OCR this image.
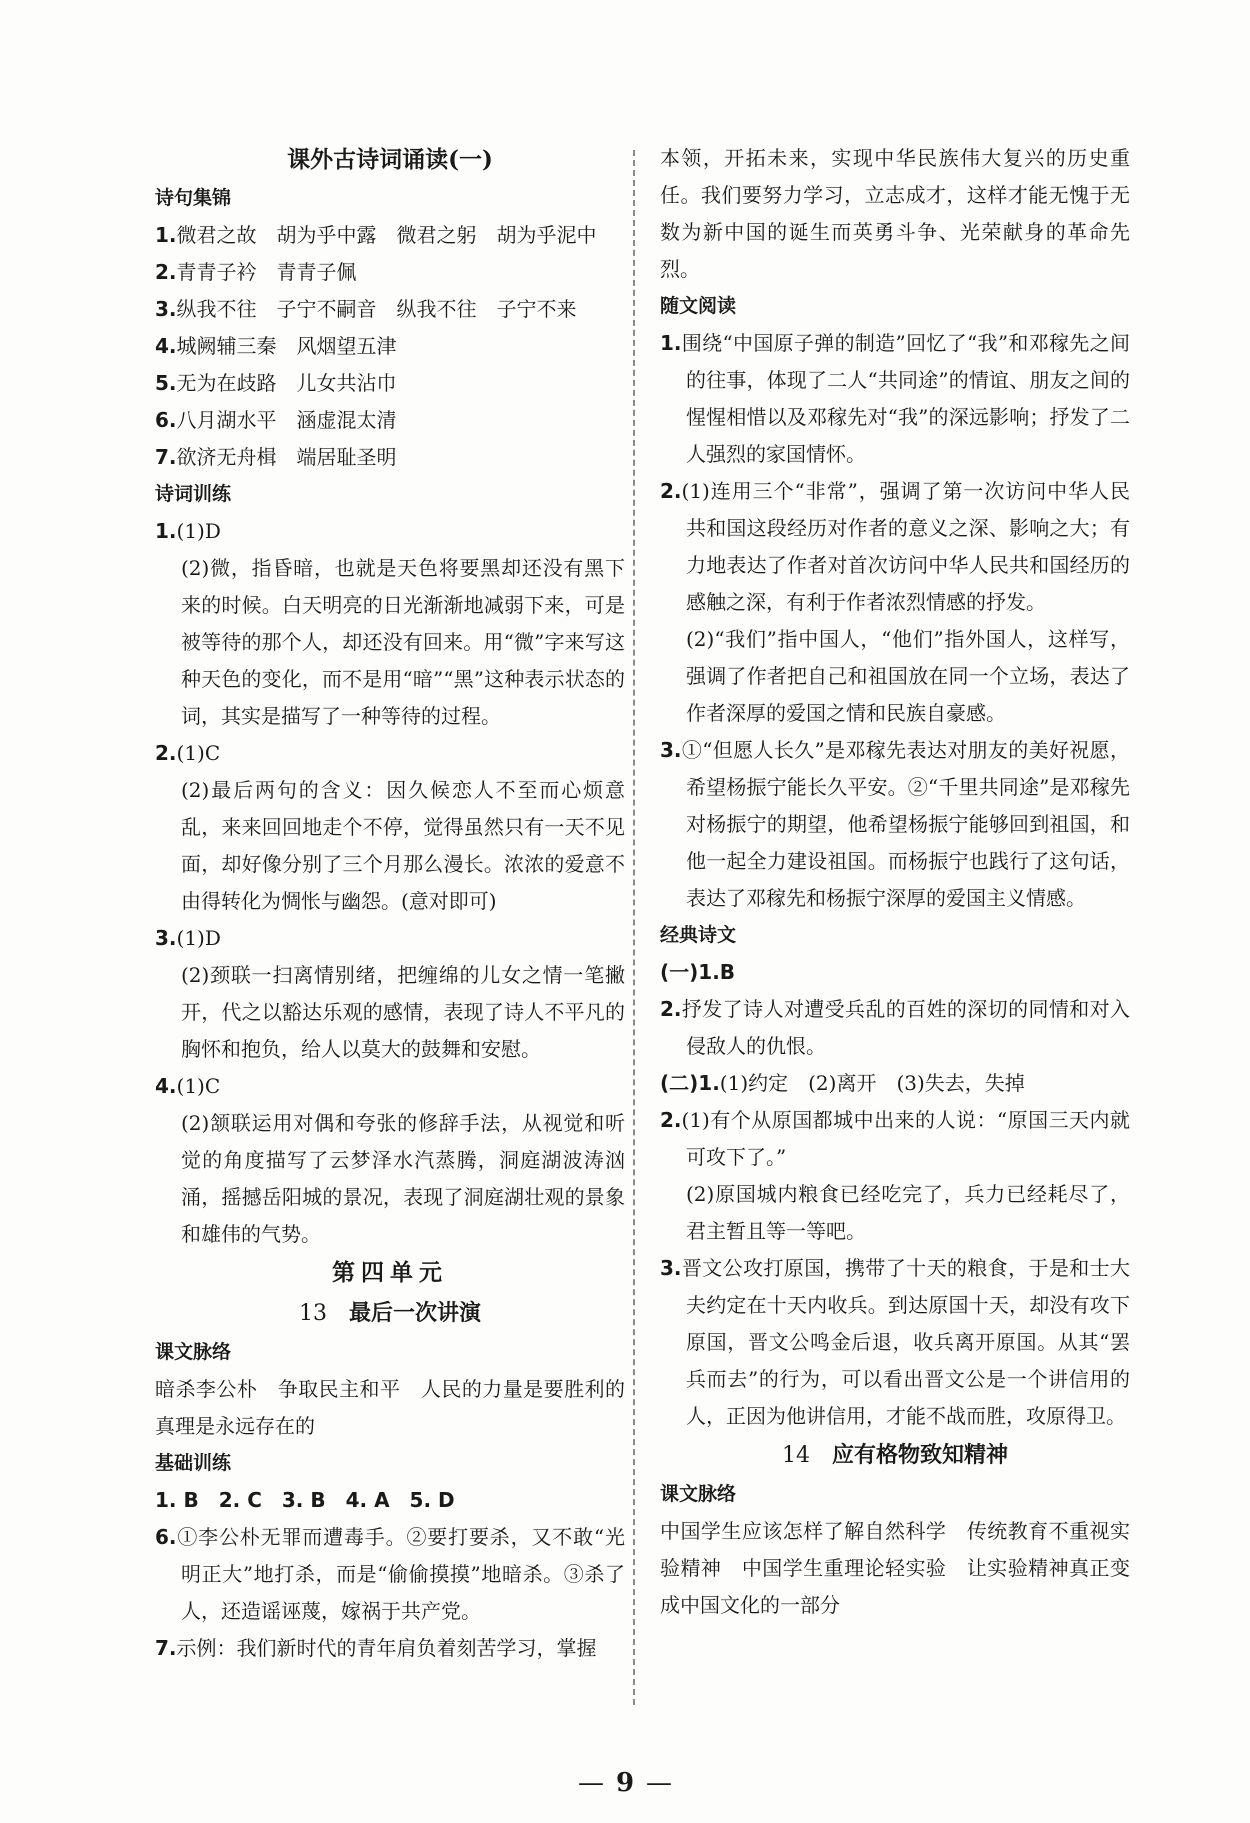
课外古诗词诵读(一)

诗句集锦

1.微君之故　胡为乎中露　微君之躬　胡为乎泥中

2.青青子衿　青青子佩

3.纵我不往　子宁不嗣音　纵我不往　子宁不来

4.城阙辅三秦　风烟望五津

5.无为在歧路　儿女共沾巾

6.八月湖水平　涵虚混太清

7.欲济无舟楫　端居耻圣明

诗词训练

1.(1)D

(2)微，指昏暗，也就是天色将要黑却还没有黑下来的时候。白天明亮的日光渐渐地减弱下来，可是被等待的那个人，却还没有回来。用“微”字来写这种天色的变化，而不是用“暗”“黑”这种表示状态的词，其实是描写了一种等待的过程。

2.(1)C

(2)最后两句的含义：因久候恋人不至而心烦意乱，来来回回地走个不停，觉得虽然只有一天不见面，却好像分别了三个月那么漫长。浓浓的爱意不由得转化为惆怅与幽怨。(意对即可)

3.(1)D

(2)颈联一扫离情别绪，把缠绵的儿女之情一笔撇开，代之以豁达乐观的感情，表现了诗人不平凡的胸怀和抱负，给人以莫大的鼓舞和安慰。

4.(1)C

(2)颔联运用对偶和夸张的修辞手法，从视觉和听觉的角度描写了云梦泽水汽蒸腾，洞庭湖波涛汹涌，摇撼岳阳城的景况，表现了洞庭湖壮观的景象和雄伟的气势。

第四单元
13 最后一次讲演

课文脉络

暗杀李公朴　争取民主和平　人民的力量是要胜利的　真理是永远存在的

基础训练

1. B　2. C　3. B　4. A　5. D

6.①李公朴无罪而遭毒手。②要打要杀，又不敢“光明正大”地打杀，而是“偷偷摸摸”地暗杀。③杀了人，还造谣诬蔑，嫁祸于共产党。

7.示例：我们新时代的青年肩负着刻苦学习，掌握

本领，开拓未来，实现中华民族伟大复兴的历史重任。我们要努力学习，立志成才，这样才能无愧于无数为新中国的诞生而英勇斗争、光荣献身的革命先烈。

随文阅读

1.围绕“中国原子弹的制造”回忆了“我”和邓稼先之间的往事，体现了二人“共同途”的情谊、朋友之间的惺惺相惜以及邓稼先对“我”的深远影响；抒发了二人强烈的家国情怀。

2.(1)连用三个“非常”，强调了第一次访问中华人民共和国这段经历对作者的意义之深、影响之大；有力地表达了作者对首次访问中华人民共和国经历的感触之深，有利于作者浓烈情感的抒发。

(2)“我们”指中国人，“他们”指外国人，这样写，强调了作者把自己和祖国放在同一个立场，表达了作者深厚的爱国之情和民族自豪感。

3.①“但愿人长久”是邓稼先表达对朋友的美好祝愿，希望杨振宁能长久平安。②“千里共同途”是邓稼先对杨振宁的期望，他希望杨振宁能够回到祖国，和他一起全力建设祖国。而杨振宁也践行了这句话，表达了邓稼先和杨振宁深厚的爱国主义情感。

经典诗文

(一)1.B

2.抒发了诗人对遭受兵乱的百姓的深切的同情和对入侵敌人的仇恨。

(二)1.(1)约定　(2)离开　(3)失去，失掉

2.(1)有个从原国都城中出来的人说：“原国三天内就可攻下了。”

(2)原国城内粮食已经吃完了，兵力已经耗尽了，君主暂且等一等吧。

3.晋文公攻打原国，携带了十天的粮食，于是和士大夫约定在十天内收兵。到达原国十天，却没有攻下原国，晋文公鸣金后退，收兵离开原国。从其“罢兵而去”的行为，可以看出晋文公是一个讲信用的人，正因为他讲信用，才能不战而胜，攻原得卫。

14 应有格物致知精神

课文脉络

中国学生应该怎样了解自然科学　传统教育不重视实验精神　中国学生重理论轻实验　让实验精神真正变成中国文化的一部分

— 9 —
